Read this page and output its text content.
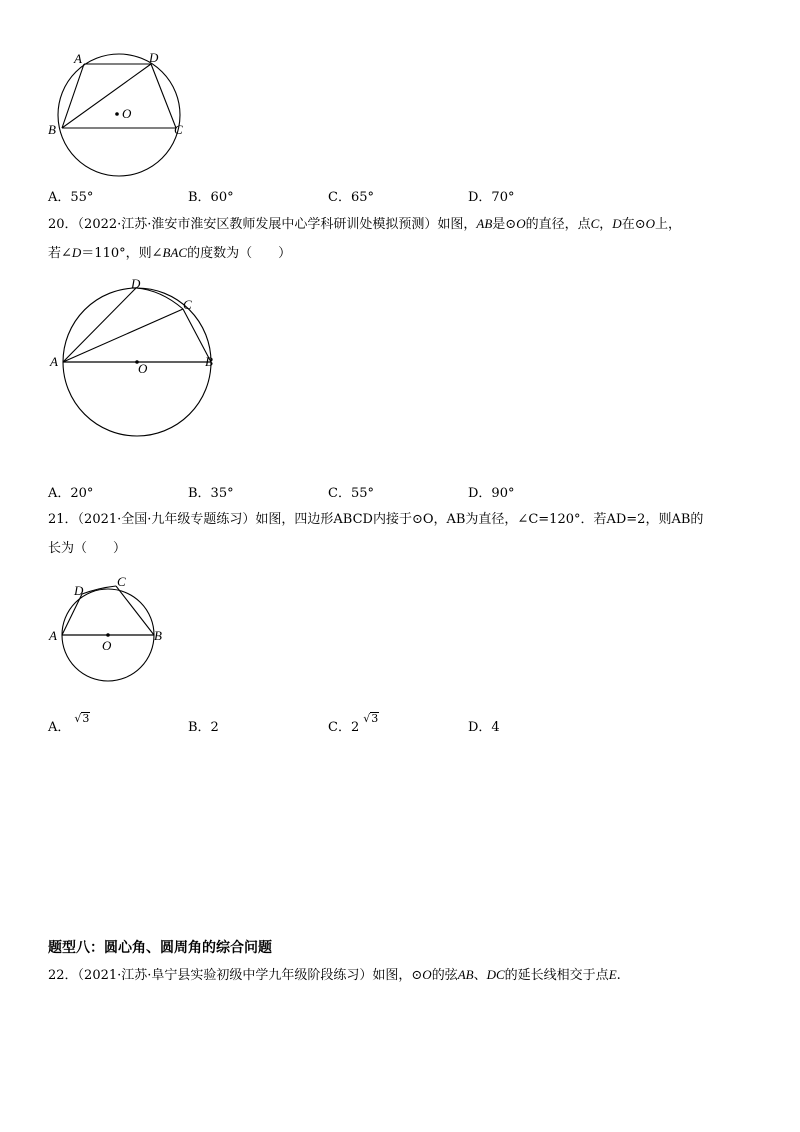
A	D
O
B	C
A．55°	B．60°	C．65°	D．70°
20．（2022·江苏·淮安市淮安区教师发展中心学科研训处模拟预测）如图，AB是⊙O的直径，点C，D在⊙O上，
若∠D＝110°，则∠BAC的度数为（　　）
D
C
A	O	B
A．20°	B．35°	C．55°	D．90°
21．（2021·全国·九年级专题练习）如图，四边形ABCD内接于⊙O，AB为直径，∠C=120°．若AD=2，则AB的
长为（　　）
D
C
A
O
B
A．√3
B．2	C．2√3
D．4
题型八：圆心角、圆周角的综合问题
22．（2021·江苏·阜宁县实验初级中学九年级阶段练习）如图，⊙O的弦AB、DC的延长线相交于点E.
